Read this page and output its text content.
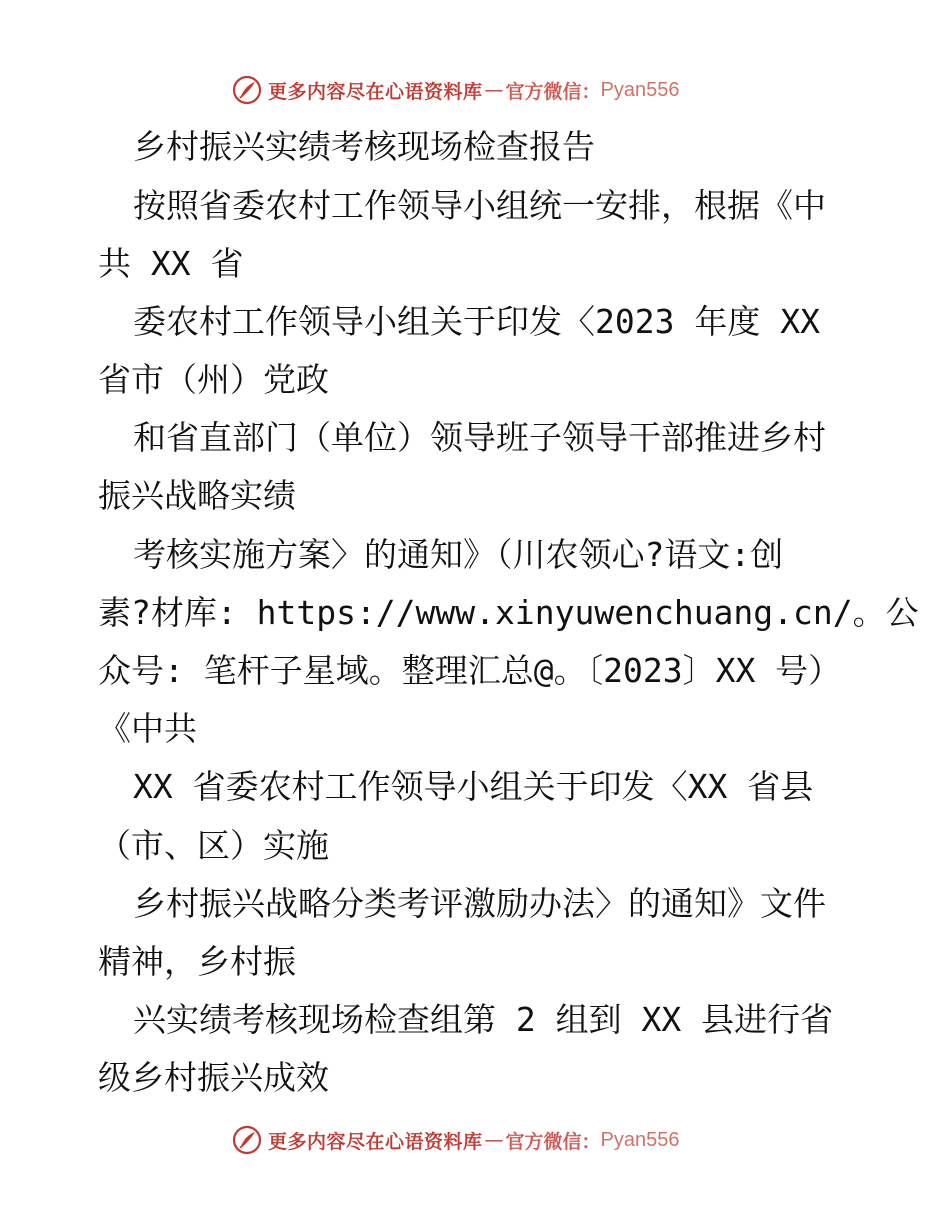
更多内容尽在心语资料库 — 官方微信： Pyan556
乡村振兴实绩考核现场检查报告
按照省委农村工作领导小组统一安排，根据《中
共 XX 省
委农村工作领导小组关于印发〈2023 年度 XX
省市（州）党政
和省直部门（单位）领导班子领导干部推进乡村
振兴战略实绩
考核实施方案〉的通知》（川农领心?语文:创
素?材库: https://www.xinyuwenchuang.cn/。公
众号: 笔杆子星域。整理汇总@。〔2023〕XX 号）
《中共
XX 省委农村工作领导小组关于印发〈XX 省县
（市、区）实施
乡村振兴战略分类考评激励办法〉的通知》文件
精神，乡村振
兴实绩考核现场检查组第 2 组到 XX 县进行省
级乡村振兴成效
更多内容尽在心语资料库 — 官方微信： Pyan556
